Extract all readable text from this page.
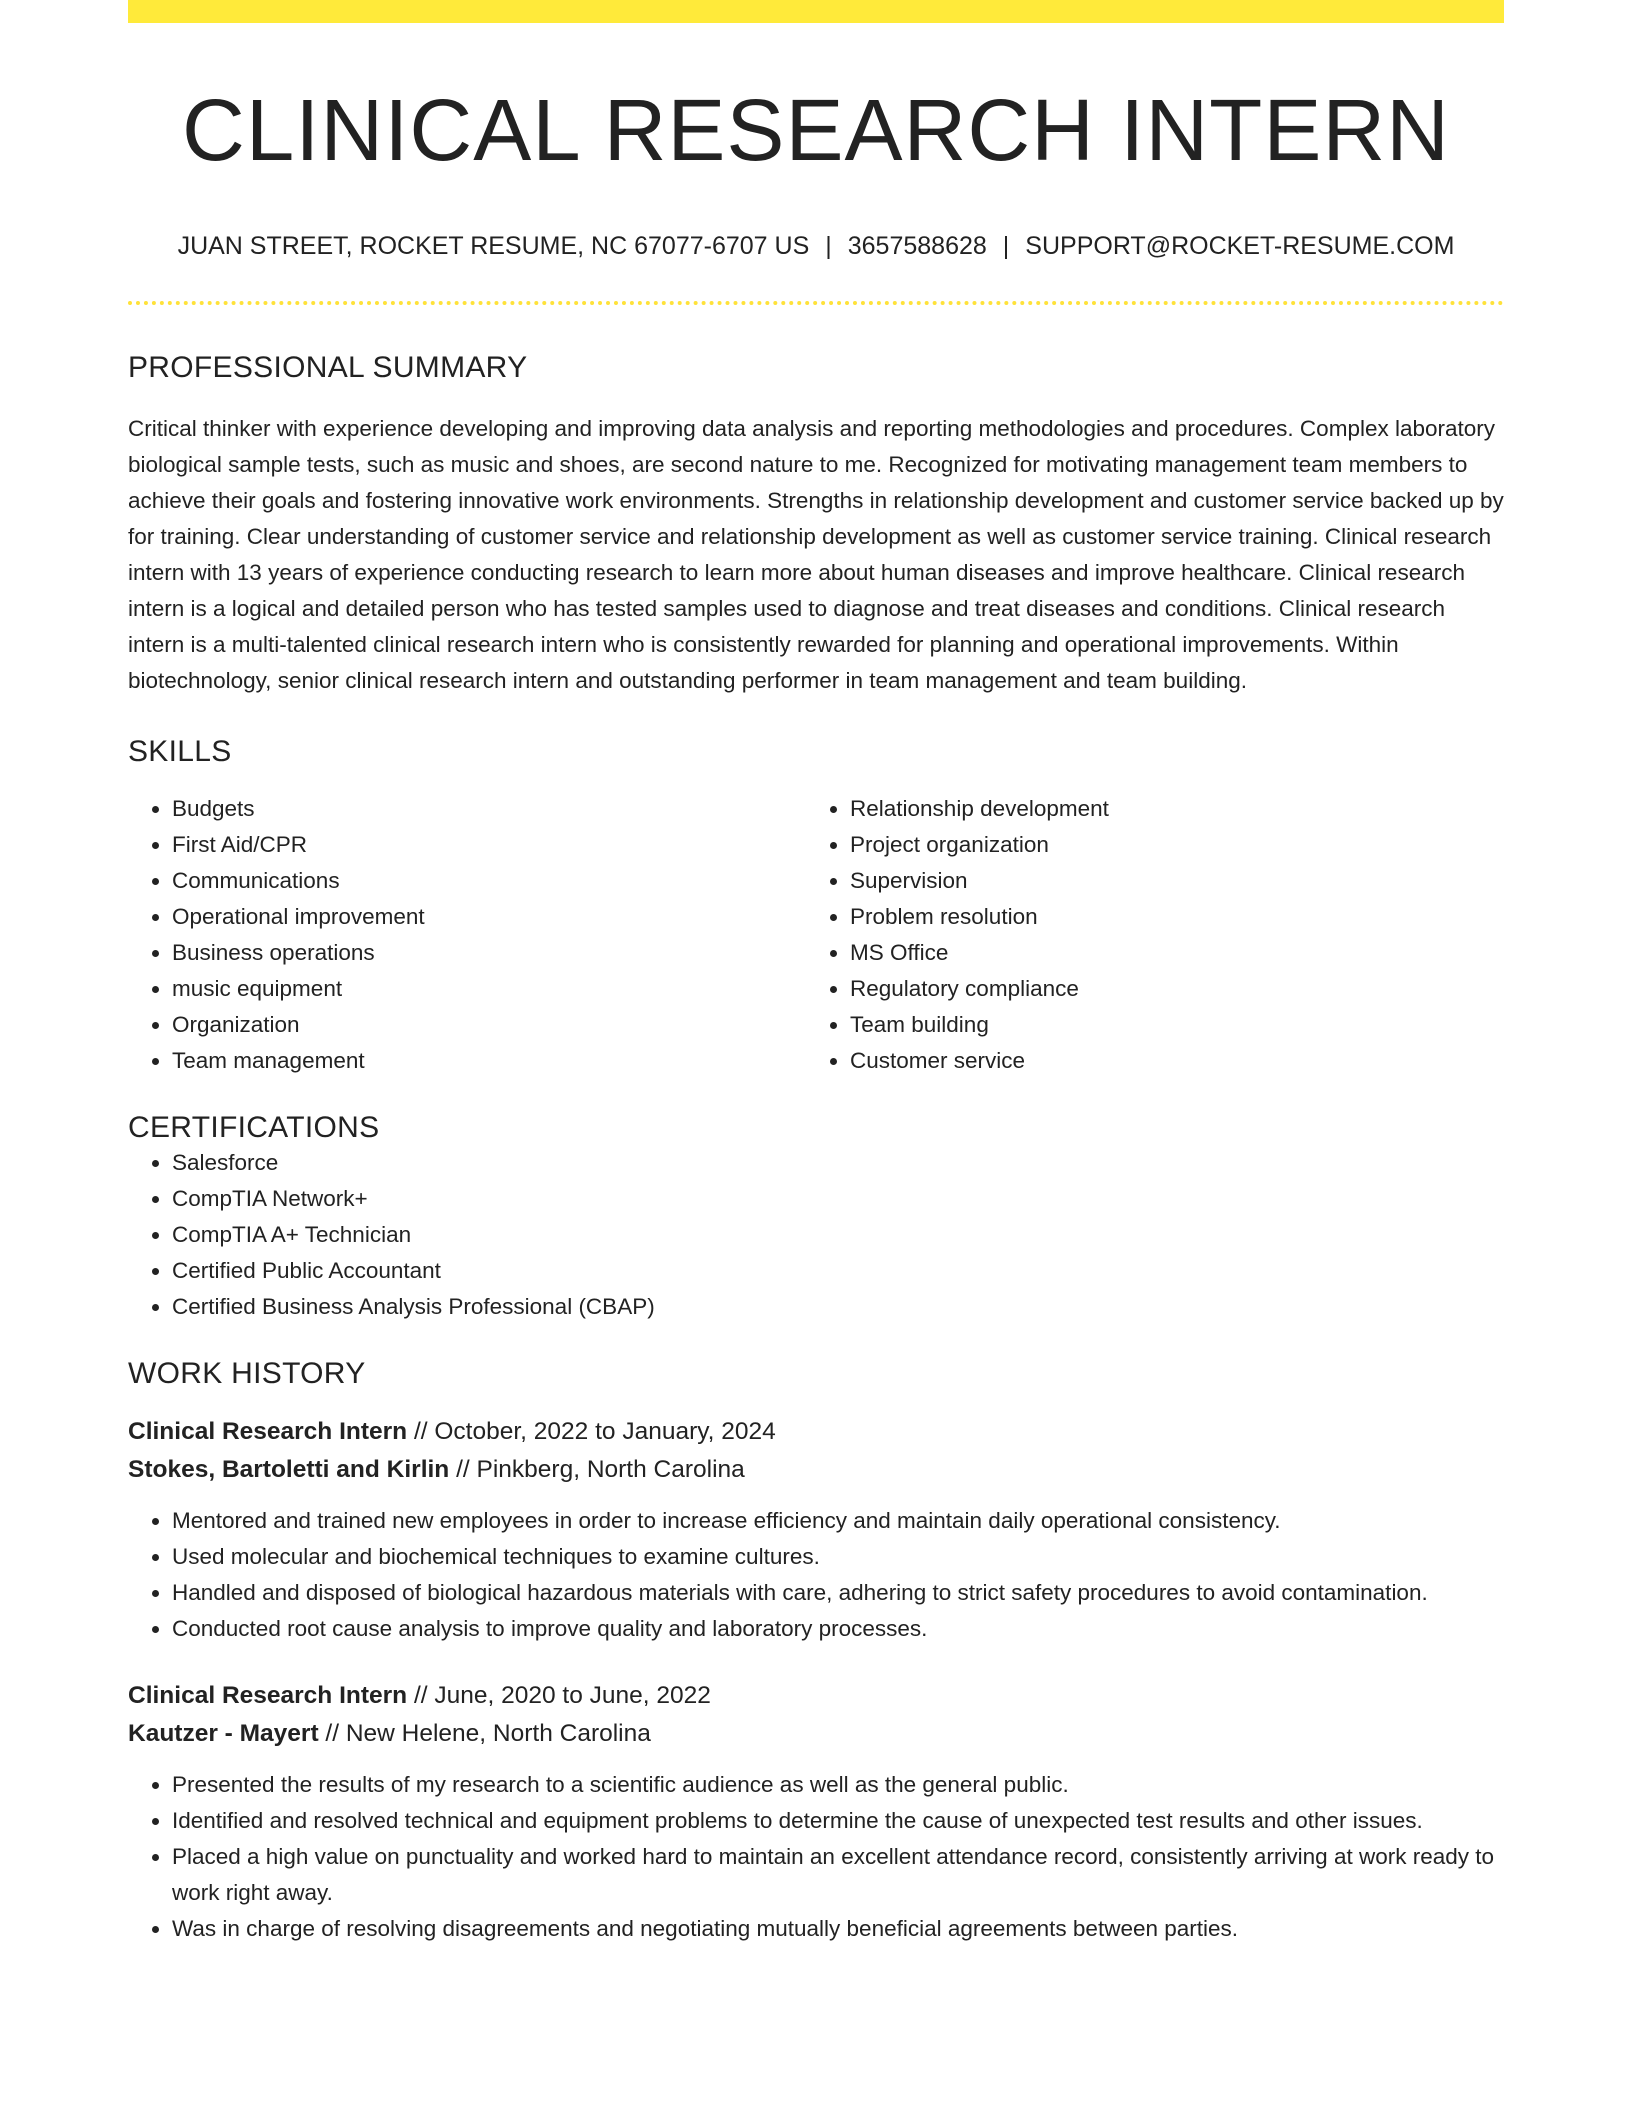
CLINICAL RESEARCH INTERN
JUAN STREET, ROCKET RESUME, NC 67077-6707 US | 3657588628 | SUPPORT@ROCKET-RESUME.COM
PROFESSIONAL SUMMARY

Critical thinker with experience developing and improving data analysis and reporting methodologies and procedures. Complex laboratory biological sample tests, such as music and shoes, are second nature to me. Recognized for motivating management team members to achieve their goals and fostering innovative work environments. Strengths in relationship development and customer service backed up by for training. Clear understanding of customer service and relationship development as well as customer service training. Clinical research intern with 13 years of experience conducting research to learn more about human diseases and improve healthcare. Clinical research intern is a logical and detailed person who has tested samples used to diagnose and treat diseases and conditions. Clinical research intern is a multi-talented clinical research intern who is consistently rewarded for planning and operational improvements. Within biotechnology, senior clinical research intern and outstanding performer in team management and team building.

SKILLS
• Budgets
• First Aid/CPR
• Communications
• Operational improvement
• Business operations
• music equipment
• Organization
• Team management
• Relationship development
• Project organization
• Supervision
• Problem resolution
• MS Office
• Regulatory compliance
• Team building
• Customer service
CERTIFICATIONS
• Salesforce
• CompTIA Network+
• CompTIA A+ Technician
• Certified Public Accountant
• Certified Business Analysis Professional (CBAP)
WORK HISTORY
Clinical Research Intern // October, 2022 to January, 2024
Stokes, Bartoletti and Kirlin // Pinkberg, North Carolina
• Mentored and trained new employees in order to increase efficiency and maintain daily operational consistency.
• Used molecular and biochemical techniques to examine cultures.
• Handled and disposed of biological hazardous materials with care, adhering to strict safety procedures to avoid contamination.
• Conducted root cause analysis to improve quality and laboratory processes.
Clinical Research Intern // June, 2020 to June, 2022
Kautzer - Mayert // New Helene, North Carolina
• Presented the results of my research to a scientific audience as well as the general public.
• Identified and resolved technical and equipment problems to determine the cause of unexpected test results and other issues.
• Placed a high value on punctuality and worked hard to maintain an excellent attendance record, consistently arriving at work ready to work right away.
• Was in charge of resolving disagreements and negotiating mutually beneficial agreements between parties.
